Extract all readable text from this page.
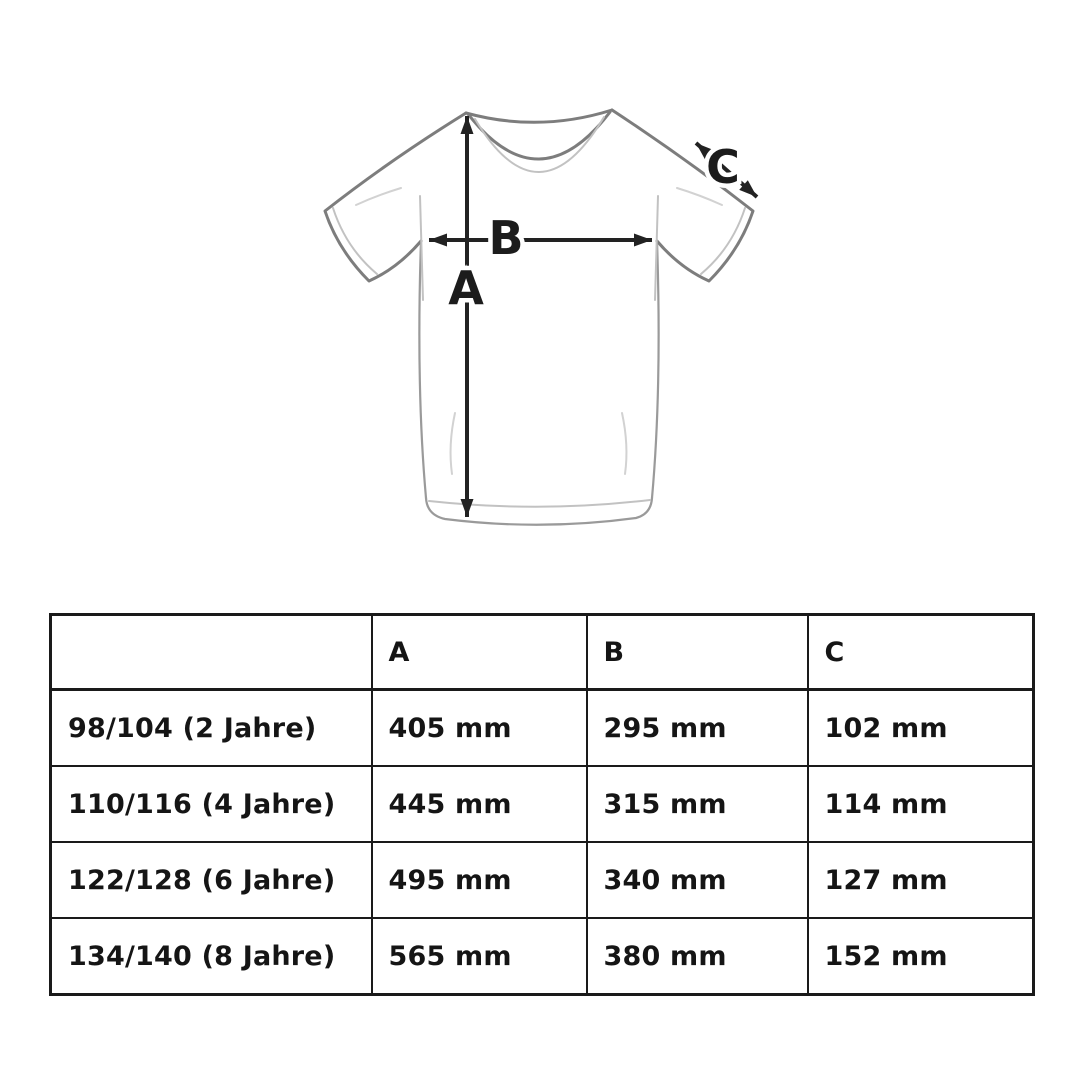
A
B
C
	A	B	C
98/104 (2 Jahre)	405 mm	295 mm	102 mm
110/116 (4 Jahre)	445 mm	315 mm	114 mm
122/128 (6 Jahre)	495 mm	340 mm	127 mm
134/140 (8 Jahre)	565 mm	380 mm	152 mm
